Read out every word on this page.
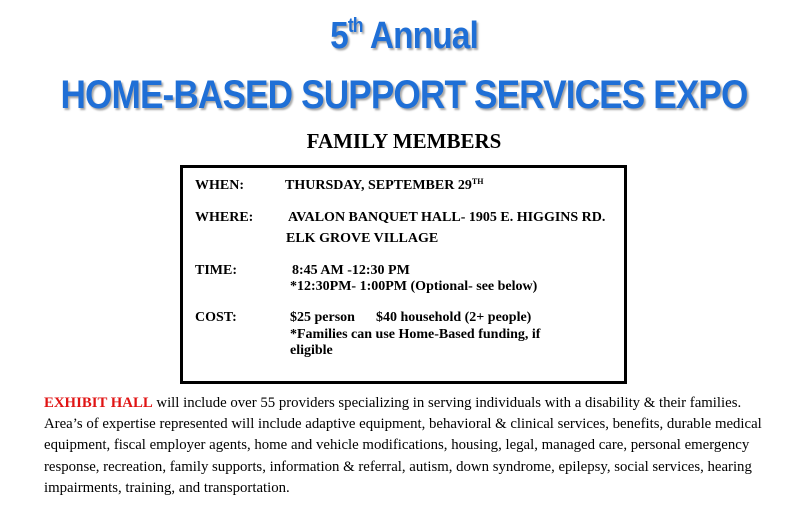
5th Annual
HOME-BASED SUPPORT SERVICES EXPO
FAMILY MEMBERS
WHEN:	THURSDAY, SEPTEMBER 29TH
WHERE: AVALON BANQUET HALL- 1905 E. HIGGINS RD.
ELK GROVE VILLAGE
TIME:	8:45 AM -12:30 PM
*12:30PM- 1:00PM (Optional- see below)
COST:	$25 person      $40 household (2+ people)
*Families can use Home-Based funding, if
eligible
EXHIBIT HALL will include over 55 providers specializing in serving individuals with a disability & their families. Area’s of expertise represented will include adaptive equipment, behavioral & clinical services, benefits, durable medical equipment, fiscal employer agents, home and vehicle modifications, housing, legal, managed care, personal emergency response, recreation, family supports, information & referral, autism, down syndrome, epilepsy, social services, hearing impairments, training, and transportation.
